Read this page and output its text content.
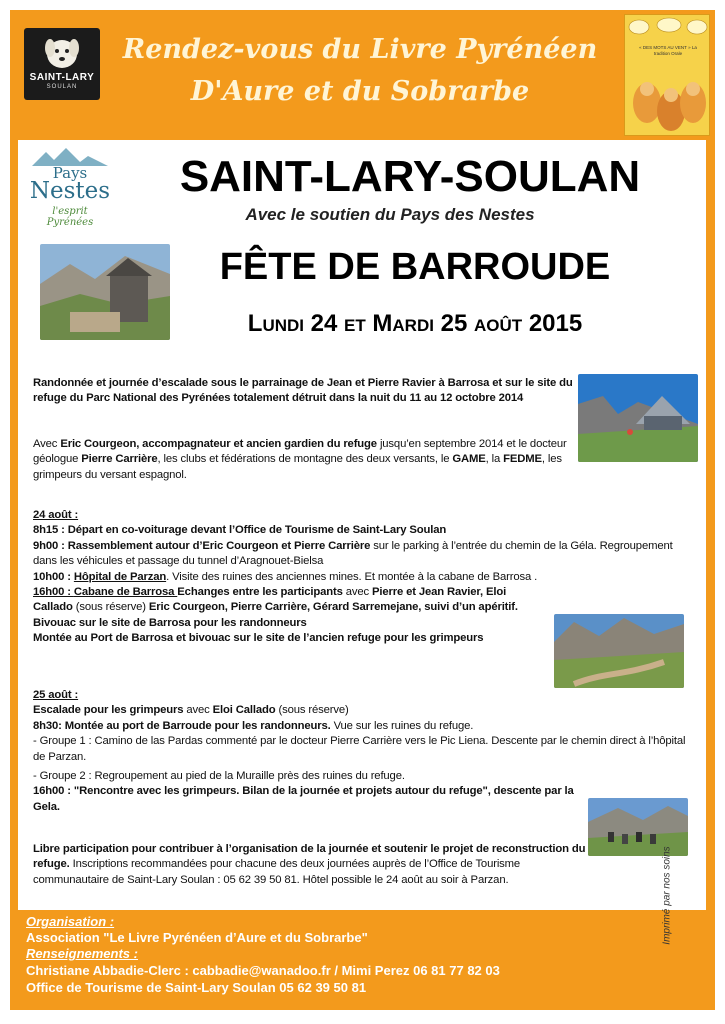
SAINT-LARY
SOULAN
Rendez-vous du Livre Pyrénéen
D'Aure et du Sobrarbe
« DES MOTS AU VENT » La tradition Orale
Pays
Nestes
l'esprit Pyrénées
SAINT-LARY-SOULAN
Avec le soutien du Pays des Nestes
FÊTE DE BARROUDE
Lundi 24 et Mardi 25 août 2015
Randonnée et journée d’escalade sous le parrainage de Jean et Pierre Ravier à Barrosa et sur le site du refuge du Parc National des Pyrénées totalement détruit dans la nuit du 11 au 12 octobre 2014
Avec Eric Courgeon, accompagnateur et ancien gardien du refuge jusqu’en septembre 2014 et le docteur géologue Pierre Carrière, les clubs et fédérations de montagne des deux versants, le GAME, la FEDME, les grimpeurs du versant espagnol.
24 août :
8h15 : Départ en co-voiturage devant l’Office de Tourisme de Saint-Lary Soulan
9h00 : Rassemblement autour d’Eric Courgeon et Pierre Carrière sur le parking à l’entrée du chemin de la Géla. Regroupement dans les véhicules et passage du tunnel d’Aragnouet-Bielsa
10h00 : Hôpital de Parzan. Visite des ruines des anciennes mines. Et montée à la cabane de Barrosa .
16h00 : Cabane de Barrosa Echanges entre les participants avec Pierre et Jean Ravier, Eloi Callado (sous réserve) Eric Courgeon, Pierre Carrière, Gérard Sarremejane, suivi d’un apéritif.
Bivouac sur le site de Barrosa pour les randonneurs
Montée au Port de Barrosa et bivouac sur le site de l’ancien refuge pour les grimpeurs
25 août :
Escalade pour les grimpeurs avec Eloi Callado (sous réserve)
8h30: Montée au port de Barroude pour les randonneurs. Vue sur les ruines du refuge.
- Groupe 1 : Camino de las Pardas commenté par le docteur Pierre Carrière vers le Pic Liena. Descente par le chemin direct à l’hôpital de Parzan.
- Groupe 2 : Regroupement au pied de la Muraille près des ruines du refuge.
16h00 : "Rencontre avec les grimpeurs. Bilan de la journée et projets autour du refuge", descente par la Gela.
Libre participation pour contribuer à l’organisation de la journée et soutenir le projet de reconstruction du refuge. Inscriptions recommandées pour chacune des deux journées auprès de l’Office de Tourisme communautaire de Saint-Lary Soulan : 05 62 39 50 81. Hôtel possible le 24 août au soir à Parzan.	Imprimé par nos soins
Organisation :
Association "Le Livre Pyrénéen d’Aure et du Sobrarbe"
Renseignements :
Christiane Abbadie-Clerc : cabbadie@wanadoo.fr / Mimi Perez 06 81 77 82 03
Office de Tourisme de Saint-Lary Soulan 05 62 39 50 81
